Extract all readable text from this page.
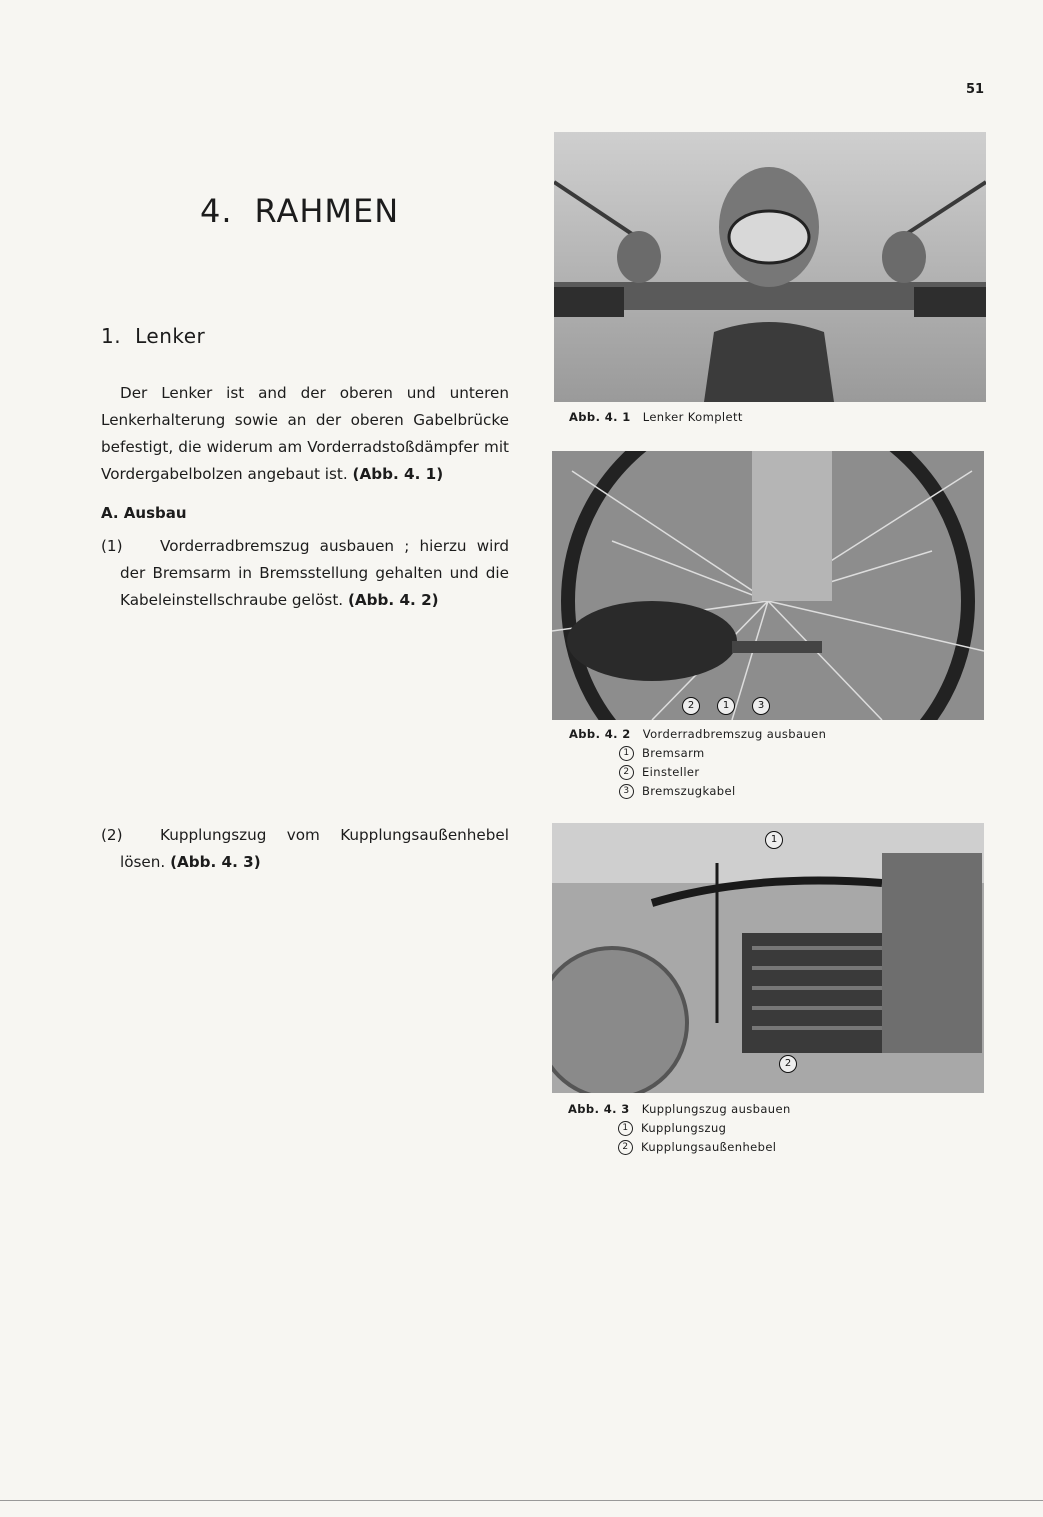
51
4. RAHMEN
1. Lenker

Der Lenker ist and der oberen und unteren Lenkerhalterung sowie an der oberen Gabelbrücke befestigt, die widerum am Vorderradstoßdämpfer mit Vordergabelbolzen angebaut ist. (Abb. 4. 1)

A. Ausbau

(1)	Vorderradbremszug ausbauen ; hierzu wird der Bremsarm in Bremsstellung gehalten und die Kabeleinstellschraube gelöst. (Abb. 4. 2)

(2)	Kupplungszug vom Kupplungsaußenhebel lösen. (Abb. 4. 3)

Abb. 4. 1 Lenker Komplett
2	1	3
Abb. 4. 2 Vorderradbremszug ausbauen
1 Bremsarm
2 Einsteller
3 Bremszugkabel
1
2
Abb. 4. 3 Kupplungszug ausbauen
1 Kupplungszug
2 Kupplungsaußenhebel
